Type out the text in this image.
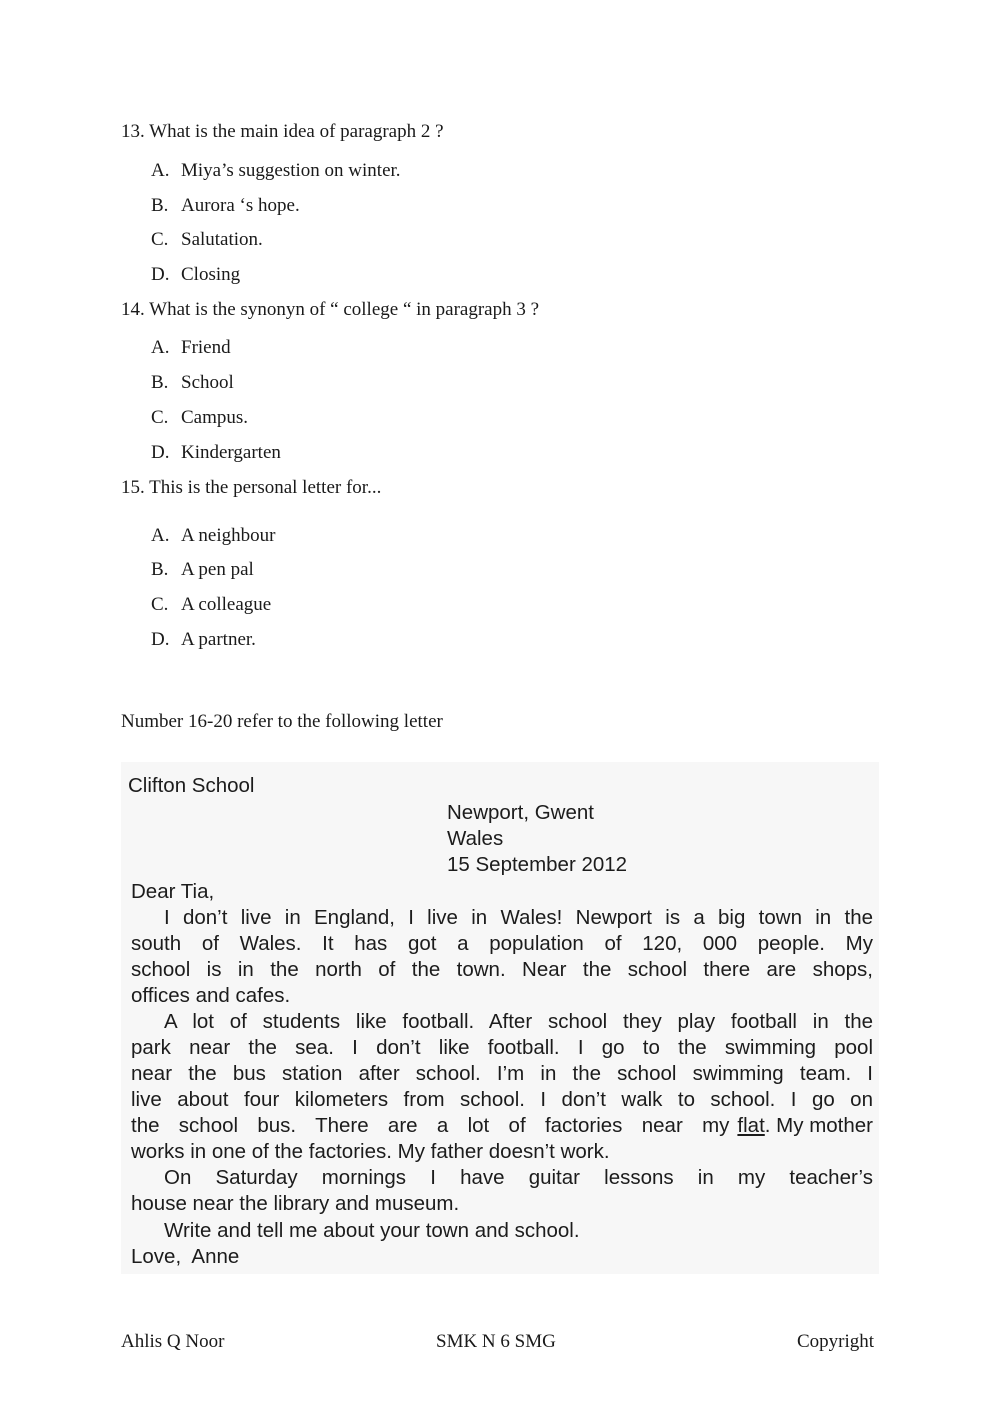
13. What is the main idea of paragraph 2 ?
A. Miya’s suggestion on winter.
B. Aurora ‘s hope.
C. Salutation.
D. Closing
14. What is the synonyn of “ college “ in paragraph 3 ?
A. Friend
B. School
C. Campus.
D. Kindergarten
15. This is the personal letter for...
A. A neighbour
B. A pen pal
C. A colleague
D. A partner.
Number 16-20 refer to the following letter
Clifton School
Newport, Gwent
Wales
15 September 2012
Dear Tia,
I don’t live in England, I live in Wales! Newport is a big town in the
south of Wales. It has got a population of 120, 000 people. My
school is in the north of the town. Near the school there are shops,
offices and cafes.
A lot of students like football. After school they play football in the
park near the sea. I don’t like football. I go to the swimming pool
near the bus station after school. I’m in the school swimming team. I
live about four kilometers from school. I don’t walk to school. I go on
the school bus. There are a lot of factories near my flat . My mother
works in one of the factories. My father doesn’t work.
On Saturday mornings I have guitar lessons in my teacher’s
house near the library and museum.
Write and tell me about your town and school.
Love,  Anne
Ahlis Q Noor	SMK N 6 SMG	Copyright
